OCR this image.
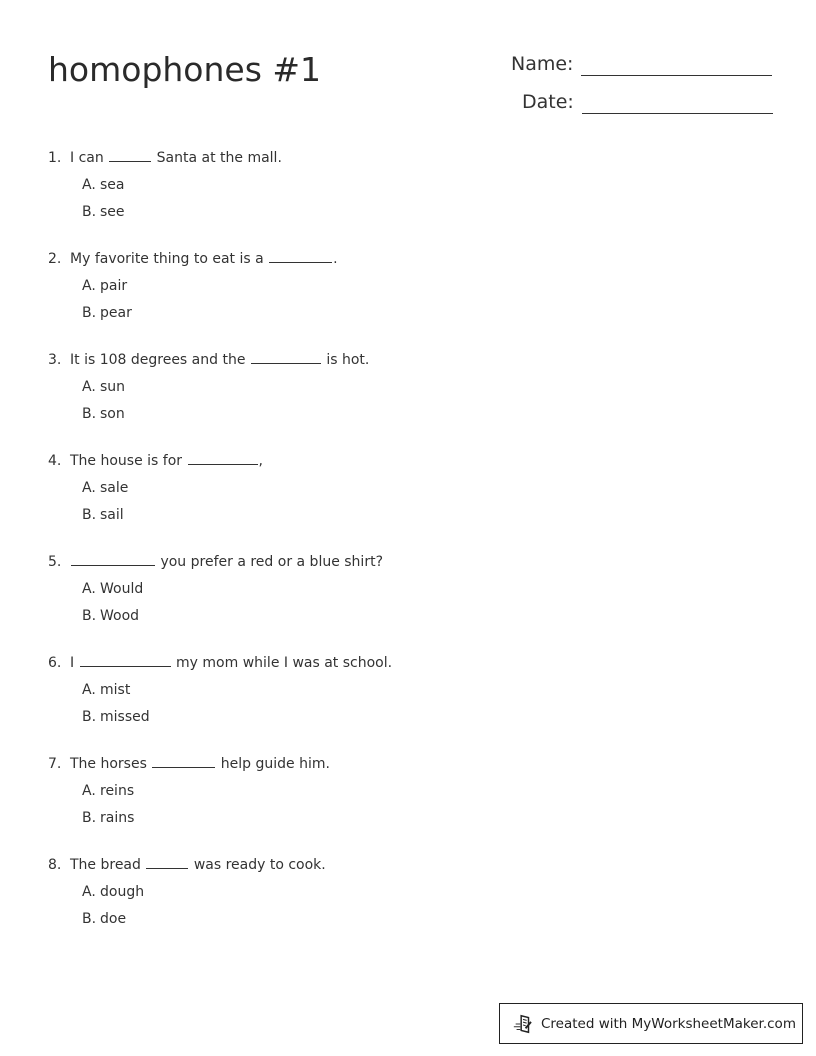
homophones #1	Name:
Date:
1. I can	Santa at the mall.
A. sea
B. see
2. My favorite thing to eat is a	.
A. pair
B. pear
3. It is 108 degrees and the	is hot.
A. sun
B. son
4. The house is for	,
A. sale
B. sail
5.	you prefer a red or a blue shirt?
A. Would
B. Wood
6. I	my mom while I was at school.
A. mist
B. missed
7. The horses	help guide him.
A. reins
B. rains
8. The bread	was ready to cook.
A. dough
B. doe
Created with MyWorksheetMaker.com
